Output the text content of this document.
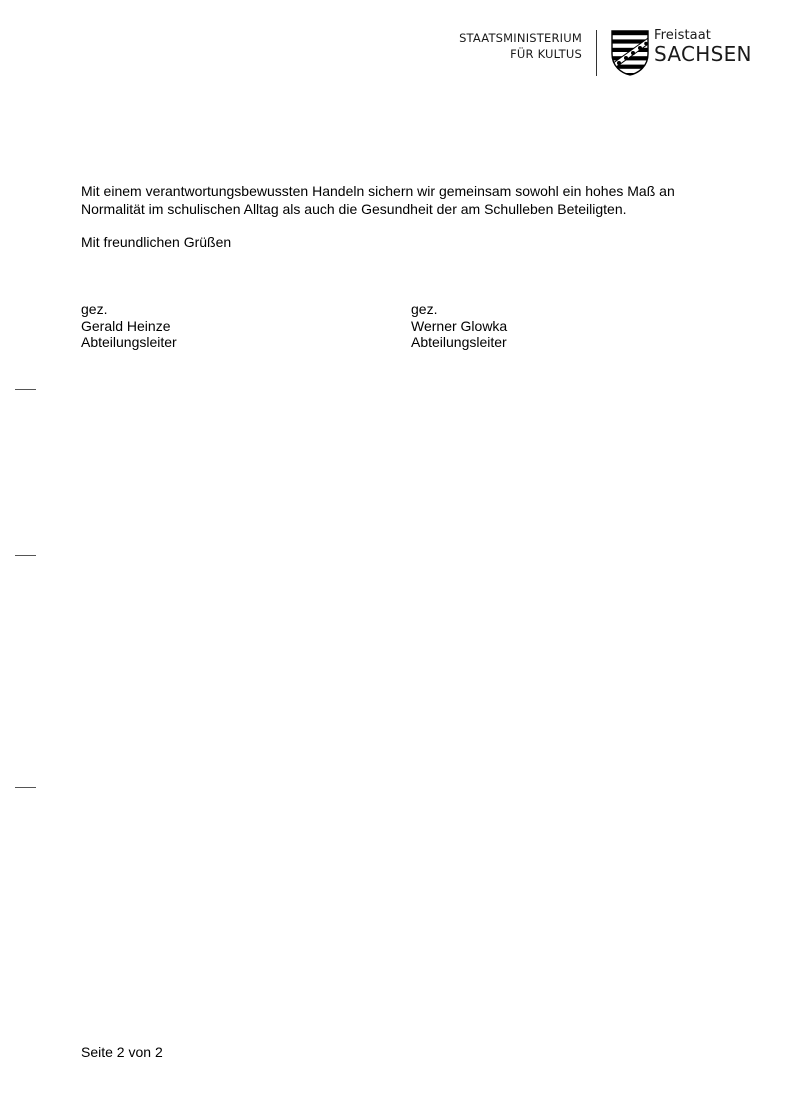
STAATSMINISTERIUM
FÜR KULTUS
Freistaat
SACHSEN

Mit einem verantwortungsbewussten Handeln sichern wir gemeinsam sowohl ein hohes Maß an

Normalität im schulischen Alltag als auch die Gesundheit der am Schulleben Beteiligten.

Mit freundlichen Grüßen
gez.
Gerald Heinze
Abteilungsleiter
gez.
Werner Glowka
Abteilungsleiter
Seite 2 von 2
